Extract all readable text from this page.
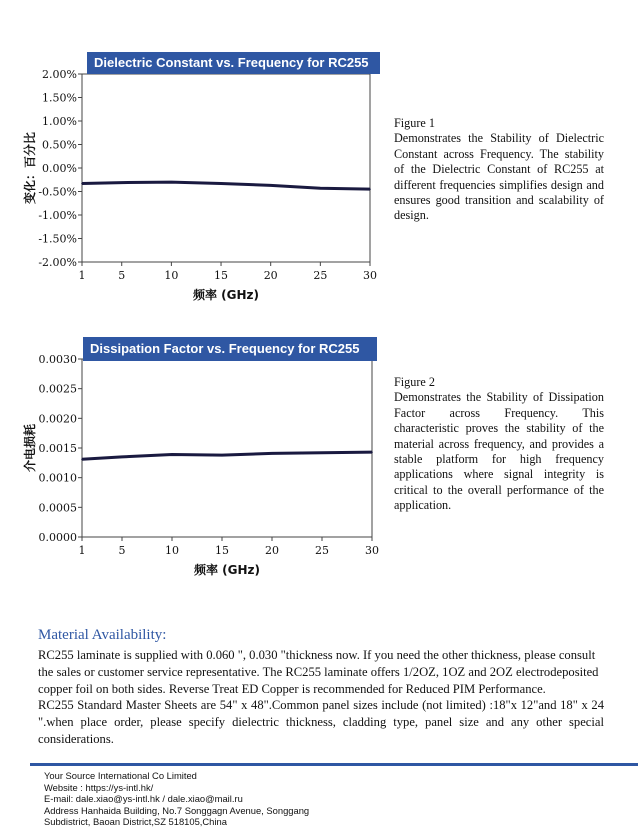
2.00%
1.50%
1.00%
0.50%
0.00%
-0.50%
-1.00%
-1.50%
-2.00%
1	5	10	15	20	25	30
频率 (GHz)
变化：百分比
Dielectric Constant vs. Frequency for RC255

Figure 1

Demonstrates the Stability of Dielectric Constant across Frequency. The stability of the Dielectric Constant of RC255 at different frequencies simplifies design and ensures good transition and scalability of design.

0.0030
0.0025
0.0020
0.0015
0.0010
0.0005
0.0000
1	5	10	15	20	25	30
频率 (GHz)
介电损耗
Dissipation Factor vs. Frequency for RC255

Figure 2

Demonstrates the Stability of Dissipation Factor across Frequency. This characteristic proves the stability of the material across frequency, and provides a stable platform for high frequency applications where signal integrity is critical to the overall performance of the application.

Material Availability:

RC255 laminate is supplied with 0.060 ", 0.030 "thickness now. If you need the other thickness, please consult the sales or customer service representative. The RC255 laminate offers 1/2OZ, 1OZ and 2OZ electrodeposited copper foil on both sides. Reverse Treat ED Copper is recommended for Reduced PIM Performance.

RC255 Standard Master Sheets are 54" x 48".Common panel sizes include (not limited) :18"x 12"and 18" x 24 ".when place order, please specify dielectric thickness, cladding type, panel size and any other special considerations.

Your Source International Co Limited
Website : https://ys-intl.hk/
E-mail: dale.xiao@ys-intl.hk / dale.xiao@mail.ru
Address Hanhaida Building, No.7 Songgagn Avenue, Songgang
Subdistrict, Baoan District,SZ 518105,China
